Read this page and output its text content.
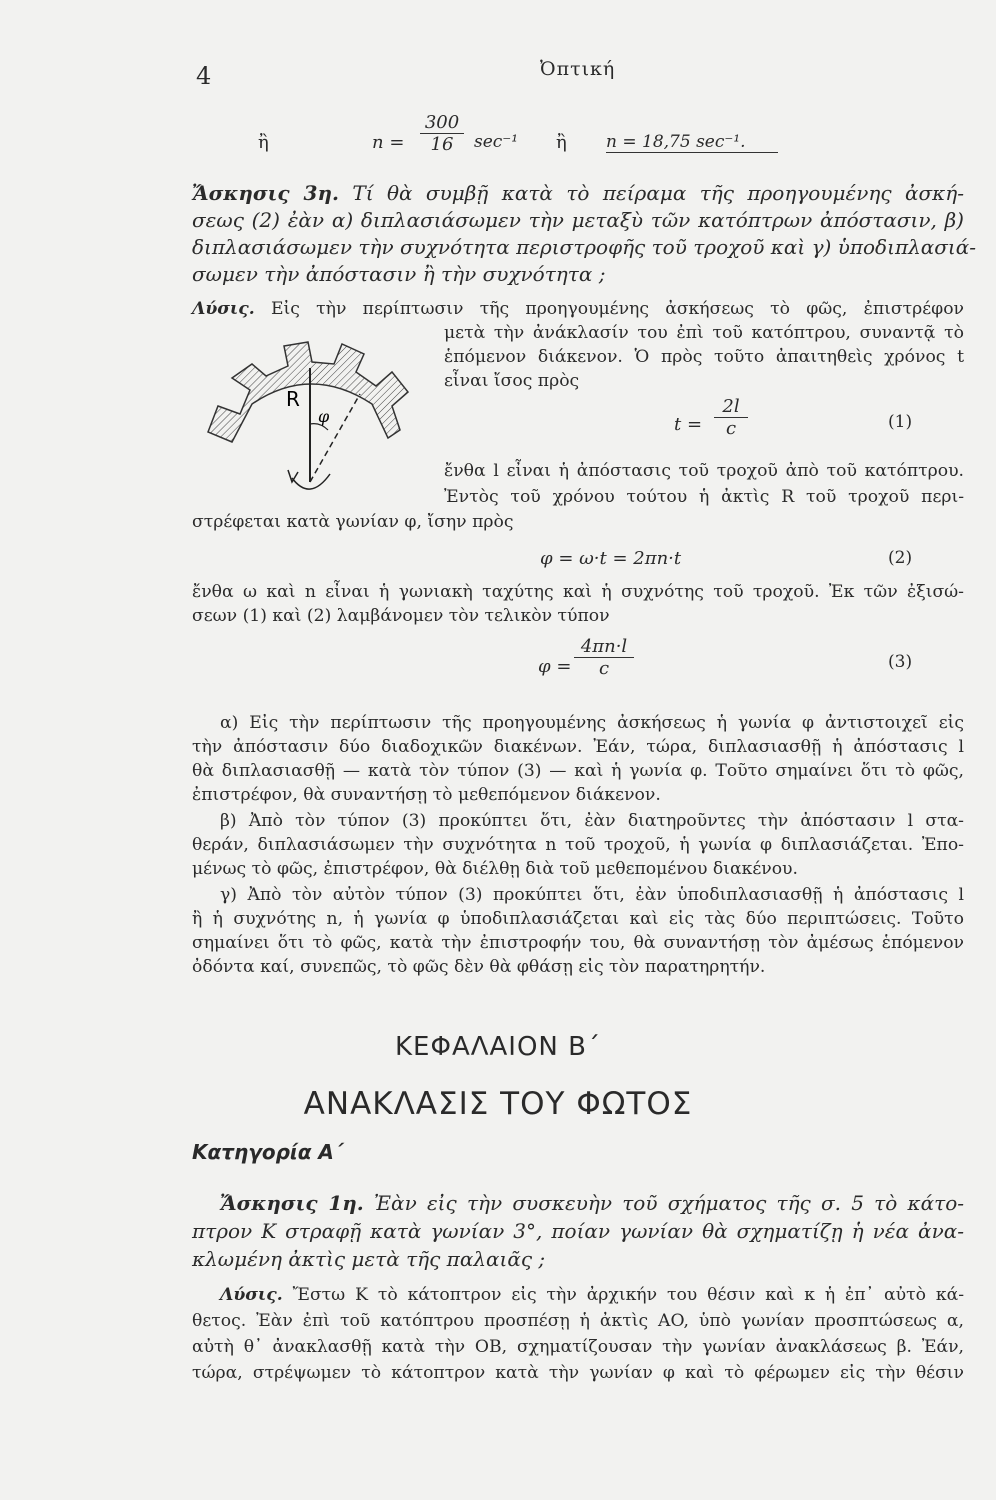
4	Ὀπτική
ἢ	$n = \frac{300}{16} \sec^{-1}$ ἢ n = 18,75 sec⁻¹.
Ἄσκησις 3η. Τί θὰ συμβῇ κατὰ τὸ πείραμα τῆς προηγουμένης ἀσκή-
σεως (2) ἐὰν α) διπλασιάσωμεν τὴν μεταξὺ τῶν κατόπτρων ἀπόστασιν, β)
διπλασιάσωμεν τὴν συχνότητα περιστροφῆς τοῦ τροχοῦ καὶ γ) ὑποδιπλασιά-
σωμεν τὴν ἀπόστασιν ἢ τὴν συχνότητα ;
Λύσις. Εἰς τὴν περίπτωσιν τῆς προηγουμένης ἀσκήσεως τὸ φῶς, ἐπιστρέφον
μετὰ τὴν ἀνάκλασίν του ἐπὶ τοῦ κατόπτρου, συναντᾷ τὸ
ἑπόμενον διάκενον. Ὁ πρὸς τοῦτο ἀπαιτηθεὶς χρόνος t
εἶναι ἴσος πρὸς
R
φ	$t = \frac{2l}{c}$	(1)
ἔνθα l εἶναι ἡ ἀπόστασις τοῦ τροχοῦ ἀπὸ τοῦ κατόπτρου.
Ἐντὸς τοῦ χρόνου τούτου ἡ ἀκτὶς R τοῦ τροχοῦ περι-
στρέφεται κατὰ γωνίαν φ, ἴσην πρὸς
φ = ω·t = 2πn·t	(2)
ἔνθα ω καὶ n εἶναι ἡ γωνιακὴ ταχύτης καὶ ἡ συχνότης τοῦ τροχοῦ. Ἐκ τῶν ἐξισώ-
σεων (1) καὶ (2) λαμβάνομεν τὸν τελικὸν τύπον
$\varphi = \frac{4\pi n\cdot l}{c}$	(3)
α) Εἰς τὴν περίπτωσιν τῆς προηγουμένης ἀσκήσεως ἡ γωνία φ ἀντιστοιχεῖ εἰς
τὴν ἀπόστασιν δύο διαδοχικῶν διακένων. Ἐάν, τώρα, διπλασιασθῇ ἡ ἀπόστασις l
θὰ διπλασιασθῇ — κατὰ τὸν τύπον (3) — καὶ ἡ γωνία φ. Τοῦτο σημαίνει ὅτι τὸ φῶς,
ἐπιστρέφον, θὰ συναντήσῃ τὸ μεθεπόμενον διάκενον.
β) Ἀπὸ τὸν τύπον (3) προκύπτει ὅτι, ἐὰν διατηροῦντες τὴν ἀπόστασιν l στα-
θεράν, διπλασιάσωμεν τὴν συχνότητα n τοῦ τροχοῦ, ἡ γωνία φ διπλασιάζεται. Ἐπο-
μένως τὸ φῶς, ἐπιστρέφον, θὰ διέλθῃ διὰ τοῦ μεθεπομένου διακένου.
γ) Ἀπὸ τὸν αὐτὸν τύπον (3) προκύπτει ὅτι, ἐὰν ὑποδιπλασιασθῇ ἡ ἀπόστασις l
ἢ ἡ συχνότης n, ἡ γωνία φ ὑποδιπλασιάζεται καὶ εἰς τὰς δύο περιπτώσεις. Τοῦτο
σημαίνει ὅτι τὸ φῶς, κατὰ τὴν ἐπιστροφήν του, θὰ συναντήσῃ τὸν ἀμέσως ἑπόμενον
ὀδόντα καί, συνεπῶς, τὸ φῶς δὲν θὰ φθάσῃ εἰς τὸν παρατηρητήν.
ΚΕΦΑΛΑΙΟΝ Β΄
ΑΝΑΚΛΑΣΙΣ ΤΟΥ ΦΩΤΟΣ
Κατηγορία Α΄
Ἄσκησις 1η. Ἐὰν εἰς τὴν συσκευὴν τοῦ σχήματος τῆς σ. 5 τὸ κάτο-
πτρον K στραφῇ κατὰ γωνίαν 3°, ποίαν γωνίαν θὰ σχηματίζῃ ἡ νέα ἀνα-
κλωμένη ἀκτὶς μετὰ τῆς παλαιᾶς ;
Λύσις. Ἔστω K τὸ κάτοπτρον εἰς τὴν ἀρχικήν του θέσιν καὶ κ ἡ ἐπ᾿ αὐτὸ κά-
θετος. Ἐὰν ἐπὶ τοῦ κατόπτρου προσπέσῃ ἡ ἀκτὶς AO, ὑπὸ γωνίαν προσπτώσεως α,
αὐτὴ θ᾿ ἀνακλασθῇ κατὰ τὴν OB, σχηματίζουσαν τὴν γωνίαν ἀνακλάσεως β. Ἐάν,
τώρα, στρέψωμεν τὸ κάτοπτρον κατὰ τὴν γωνίαν φ καὶ τὸ φέρωμεν εἰς τὴν θέσιν
